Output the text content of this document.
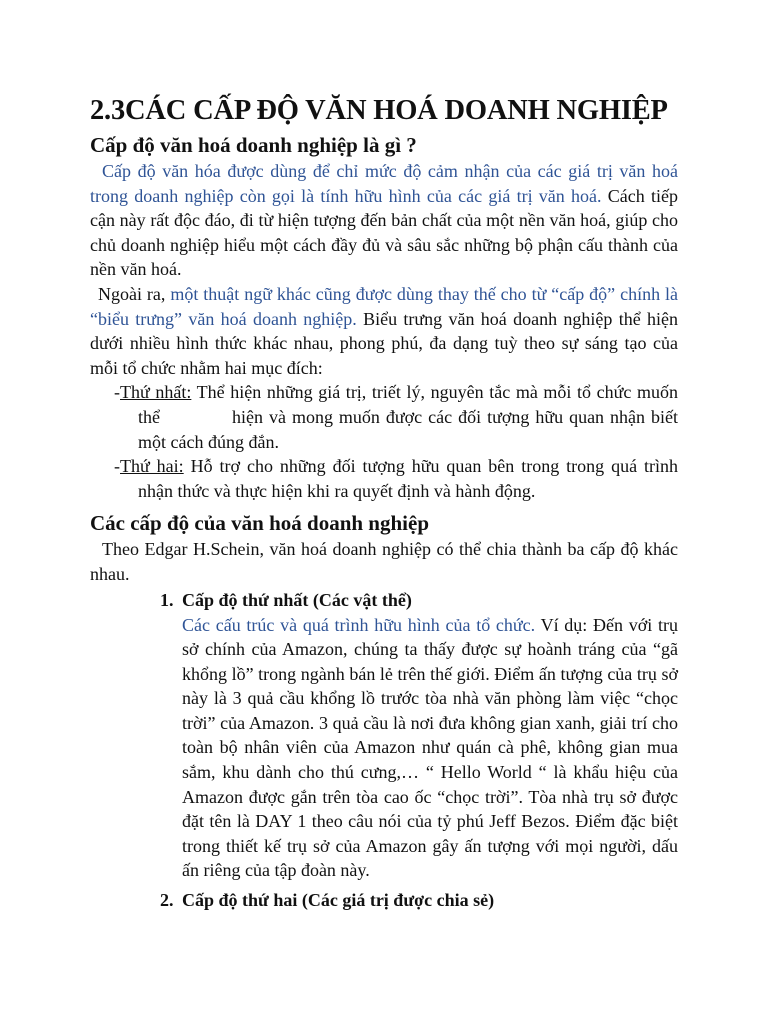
2.3CÁC CẤP ĐỘ VĂN HOÁ DOANH NGHIỆP
Cấp độ văn hoá doanh nghiệp là gì ?

Cấp độ văn hóa được dùng để chỉ mức độ cảm nhận của các giá trị văn hoá trong doanh nghiệp còn gọi là tính hữu hình của các giá trị văn hoá. Cách tiếp cận này rất độc đáo, đi từ hiện tượng đến bản chất của một nền văn hoá, giúp cho chủ doanh nghiệp hiểu một cách đầy đủ và sâu sắc những bộ phận cấu thành của nền văn hoá.

Ngoài ra, một thuật ngữ khác cũng được dùng thay thế cho từ “cấp độ” chính là “biểu trưng” văn hoá doanh nghiệp. Biểu trưng văn hoá doanh nghiệp thể hiện dưới nhiều hình thức khác nhau, phong phú, đa dạng tuỳ theo sự sáng tạo của mỗi tổ chức nhằm hai mục đích:

-Thứ nhất: Thể hiện những giá trị, triết lý, nguyên tắc mà mỗi tổ chức muốn thể	hiện và mong muốn được các đối tượng hữu quan nhận biết một cách đúng đắn.

-Thứ hai: Hỗ trợ cho những đối tượng hữu quan bên trong trong quá trình nhận thức và thực hiện khi ra quyết định và hành động.

Các cấp độ của văn hoá doanh nghiệp

Theo Edgar H.Schein, văn hoá doanh nghiệp có thể chia thành ba cấp độ khác nhau.

1. Cấp độ thứ nhất (Các vật thể)

Các cấu trúc và quá trình hữu hình của tổ chức. Ví dụ: Đến với trụ sở chính của Amazon, chúng ta thấy được sự hoành tráng của “gã khổng lồ” trong ngành bán lẻ trên thế giới. Điểm ấn tượng của trụ sở này là 3 quả cầu khổng lồ trước tòa nhà văn phòng làm việc “chọc trời” của Amazon. 3 quả cầu là nơi đưa không gian xanh, giải trí cho toàn bộ nhân viên của Amazon như quán cà phê, không gian mua sắm, khu dành cho thú cưng,… “ Hello World “ là khẩu hiệu của Amazon được gắn trên tòa cao ốc “chọc trời”. Tòa nhà trụ sở được đặt tên là DAY 1 theo câu nói của tỷ phú Jeff Bezos. Điểm đặc biệt trong thiết kế trụ sở của Amazon gây ấn tượng với mọi người, dấu ấn riêng của tập đoàn này.

2. Cấp độ thứ hai (Các giá trị được chia sẻ)
